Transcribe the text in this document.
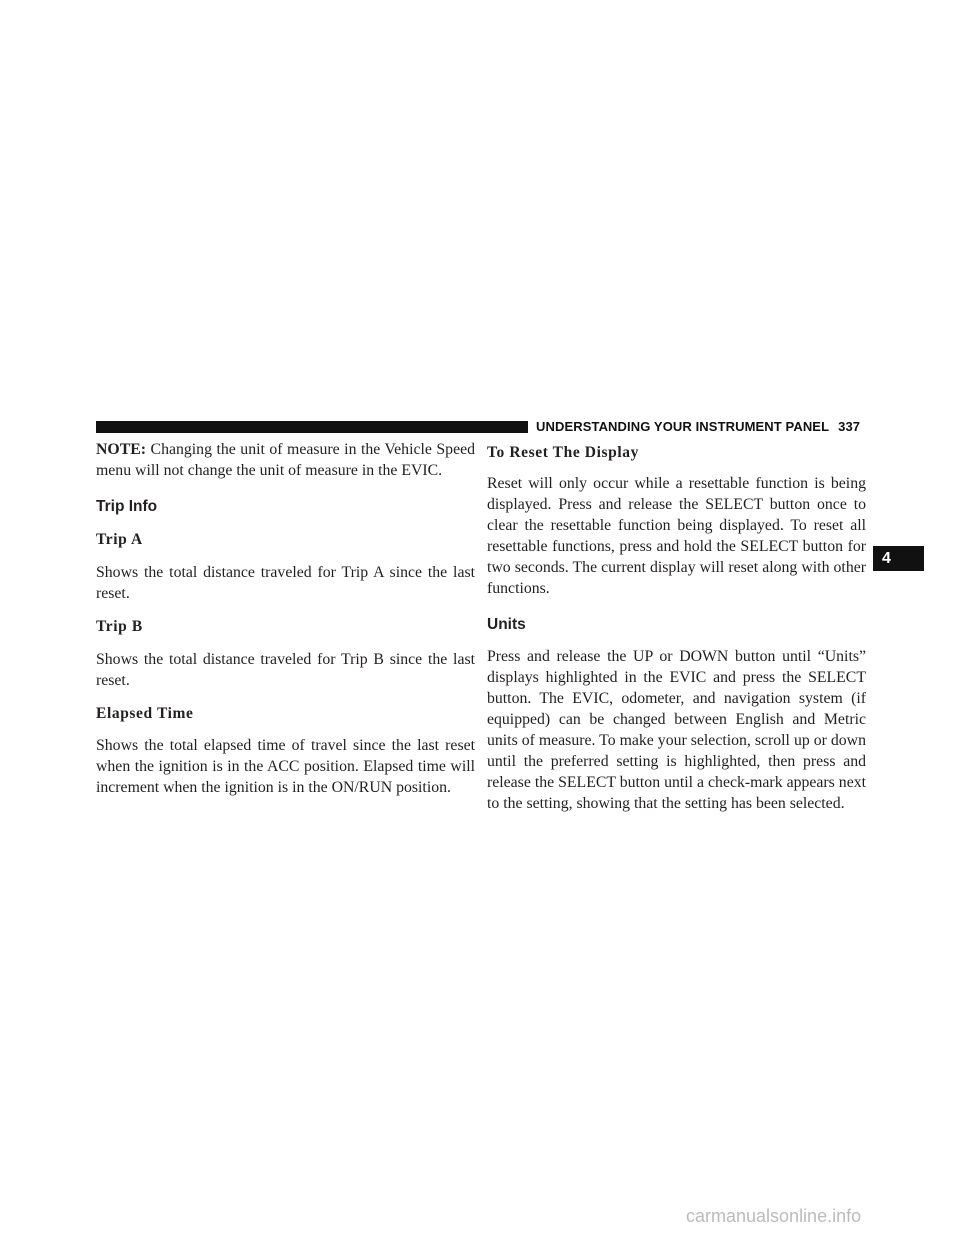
UNDERSTANDING YOUR INSTRUMENT PANEL 337
4

NOTE: Changing the unit of measure in the Vehicle Speed menu will not change the unit of measure in the EVIC.

Trip Info
Trip A

Shows the total distance traveled for Trip A since the last reset.

Trip B

Shows the total distance traveled for Trip B since the last reset.

Elapsed Time

Shows the total elapsed time of travel since the last reset when the ignition is in the ACC position. Elapsed time will increment when the ignition is in the ON/RUN position.

To Reset The Display

Reset will only occur while a resettable function is being displayed. Press and release the SELECT button once to clear the resettable function being displayed. To reset all resettable functions, press and hold the SELECT button for two seconds. The current display will reset along with other functions.

Units

Press and release the UP or DOWN button until “Units” displays highlighted in the EVIC and press the SELECT button. The EVIC, odometer, and navigation system (if equipped) can be changed between English and Metric units of measure. To make your selection, scroll up or down until the preferred setting is highlighted, then press and release the SELECT button until a check-mark appears next to the setting, showing that the setting has been selected.

carmanualsonline.info
